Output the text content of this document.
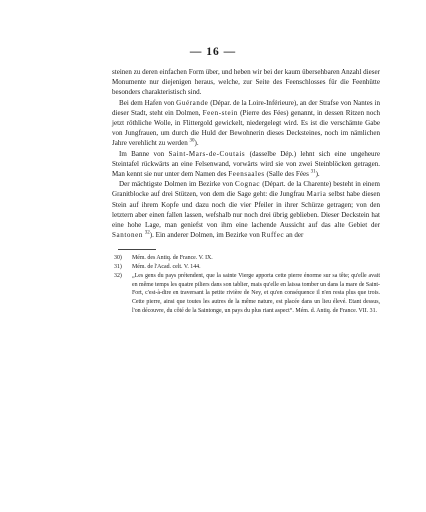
— 16 —

steinen zu deren einfachen Form über, und heben wir bei der kaum übersehbaren Anzahl dieser Monumente nur diejenigen heraus, welche, zur Seite des Feenschlosses für die Feenhütte besonders charakteristisch sind.

Bei dem Hafen von Guérande (Dépar. de la Loire-Inférieure), an der Strafse von Nantes in dieser Stadt, steht ein Dolmen, Feen-stein (Pierre des Fées) genannt, in dessen Ritzen noch jetzt röthliche Wolle, in Flittergold gewickelt, niedergelegt wird. Es ist die verschämte Gabe von Jungfrauen, um durch die Huld der Bewohnerin dieses Decksteines, noch im nämlichen Jahre verehlicht zu werden $^{30}$).

Im Banne von Saint-Mars-de-Coutais (dasselbe Dép.) lehnt sich eine ungeheure Steintafel rückwärts an eine Felsenwand, vorwärts wird sie von zwei Steinblöcken getragen. Man kennt sie nur unter dem Namen des Feensaales (Salle des Fées $^{31}$).

Der mächtigste Dolmen im Bezirke von Cognac (Départ. de la Charente) besteht in einem Granitblocke auf drei Stützen, von dem die Sage geht: die Jungfrau Maria selbst habe diesen Stein auf ihrem Kopfe und dazu noch die vier Pfeiler in ihrer Schürze getragen; von den letztern aber einen fallen lassen, wefshalb nur noch drei übrig geblieben. Dieser Deckstein hat eine hohe Lage, man geniefst von ihm eine lachende Aussicht auf das alte Gebiet der Santonen $^{32}$). Ein anderer Dolmen, im Bezirke von Ruffec an der

30)	Mém. des Antiq. de France. V. IX.
31)	Mém. de l'Acad. celt. V. 144.
32)	„Les gens du pays prétendent, que la sainte Vierge apporta cette pierre énorme sur sa tête; qu'elle avait en même temps les quatre piliers dans son tablier, mais qu'elle en laissa tomber un dans la mare de Saint-Fort, c'est-à-dire en traversant la petite rivière de Ney, et qu'en conséquence il n'en resta plus que trois. Cette pierre, ainsi que toutes les autres de la même nature, est placée dans un lieu élevé. Etant dessus, l'on découvre, du côté de la Saintonge, un pays du plus riant aspect“. Mém. d. Antiq. de France. VII. 31.
